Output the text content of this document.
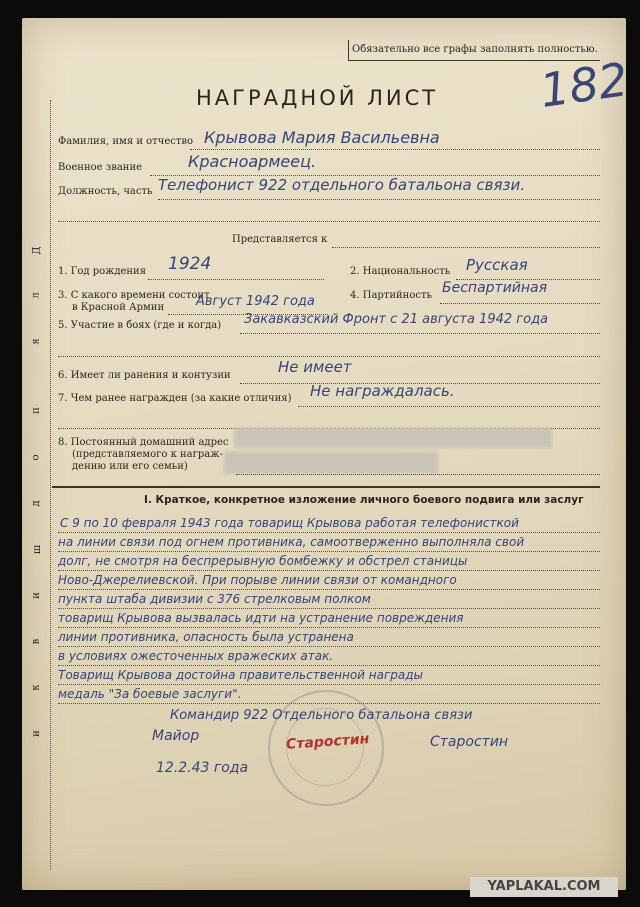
Обязательно все графы заполнять полностью.
182
НАГРАДНОЙ ЛИСТ
Д
л
я
п
о
д
ш
и
в
к
и
Фамилия, имя и отчество Крывова Мария Васильевна
Военное звание	Красноармеец.
Должность, часть Телефонист 922 отдельного батальона связи.
Представляется к
1. Год рождения 1924	2. Национальность Русская
3. С какого времени состоит
в Красной Армии Август 1942 года	4. Партийность Беспартийная
5. Участие в боях (где и когда) Закавказский Фронт с 21 августа 1942 года
6. Имеет ли ранения и контузии	Не имеет
7. Чем ранее награжден (за какие отличия) Не награждалась.
8. Постоянный домашний адрес
(представляемого к награж-
дению или его семьи)
I. Краткое, конкретное изложение личного боевого подвига или заслуг
С 9 по 10 февраля 1943 года товарищ Крывова работая телефонисткой
на линии связи под огнем противника, самоотверженно выполняла свой
долг, не смотря на беспрерывную бомбежку и обстрел станицы
Ново-Джерелиевской. При порыве линии связи от командного
пункта штаба дивизии с 376 стрелковым полком
товарищ Крывова вызвалась идти на устранение повреждения
линии противника, опасность была устранена
в условиях ожесточенных вражеских атак.
Товарищ Крывова достойна правительственной награды
медаль "За боевые заслуги".
Командир 922 Отдельного батальона связи
Майор	Старостин	Старостин
12.2.43 года
YAPLAKAL.COM
